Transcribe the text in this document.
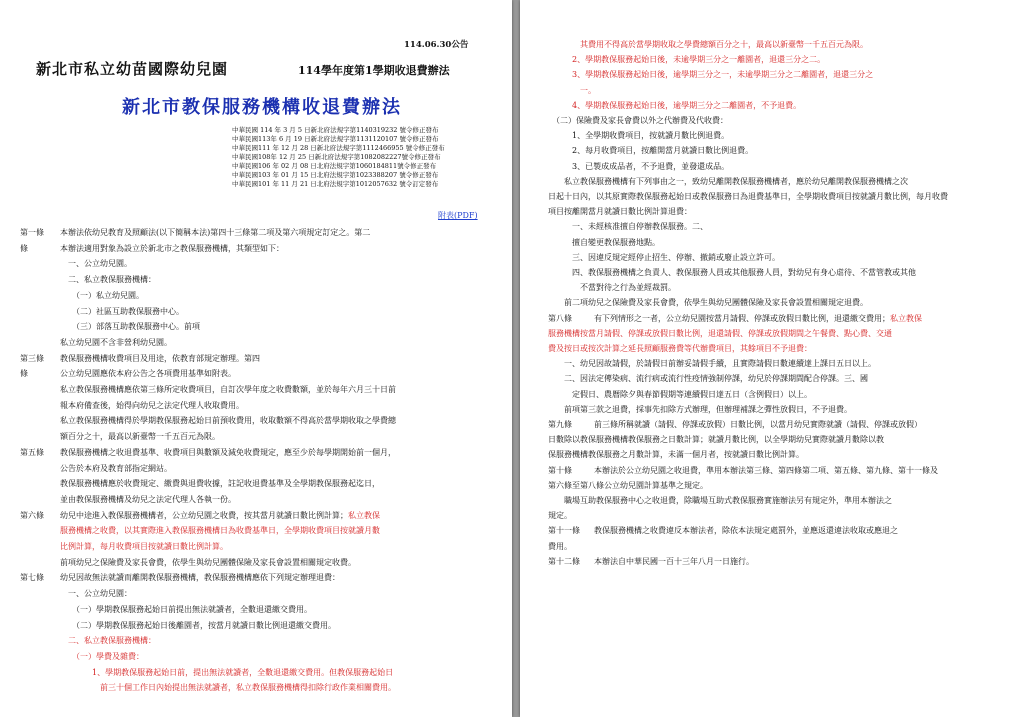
114.06.30公告
新北市私立幼苗國際幼兒園	114學年度第1學期收退費辦法
新北市教保服務機構收退費辦法
中華民國 114 年 3 月 5 日新北府法規字第1140319232 號令修正發布
中華民國113年 6 月 19 日新北府法規字第1131120107 號令修正發布
中華民國111 年 12 月 28 日新北府法規字第1112466955 號令修正發布
中華民國108年 12 月 25 日新北府法規字第1082082227號令修正發布
中華民國106 年 02 月 08 日北府法規字第1060184811號令修正發布
中華民國103 年 01 月 15 日北府法規字第1023388207 號令修正發布
中華民國101 年 11 月 21 日北府法規字第1012057632 號令訂定發布
附表(PDF)
第一條 本辦法依幼兒教育及照顧法(以下簡稱本法)第四十三條第二項及第六項規定訂定之。第二
條	本辦法適用對象為設立於新北市之教保服務機構，其類型如下：
　一、公立幼兒園。
　二、私立教保服務機構：
　　（一）私立幼兒園。
　　（二）社區互助教保服務中心。
　　（三）部落互助教保服務中心。前項
私立幼兒園不含非營利幼兒園。
第三條 教保服務機構收費項目及用途，依教育部規定辦理。第四
條	公立幼兒園應依本府公告之各項費用基準如附表。
私立教保服務機構應依第三條所定收費項目，自訂次學年度之收費數額，並於每年六月三十日前
報本府備查後，始得向幼兒之法定代理人收取費用。
私立教保服務機構得於學期教保服務起始日前預收費用，收取數額不得高於當學期收取之學費總
額百分之十，最高以新臺幣一千五百元為限。
第五條 教保服務機構之收退費基準、收費項目與數額及減免收費規定，應至少於每學期開始前一個月，
公告於本府及教育部指定網站。
教保服務機構應於收費規定、繳費與退費收據，註記收退費基準及全學期教保服務起迄日，
並由教保服務機構及幼兒之法定代理人各執一份。
第六條 幼兒中途進入教保服務機構者，公立幼兒園之收費，按其當月就讀日數比例計算；私立教保
服務機構之收費，以其實際進入教保服務機構日為收費基準日，全學期收費項目按就讀月數
比例計算，每月收費項目按就讀日數比例計算。
前項幼兒之保險費及家長會費，依學生與幼兒團體保險及家長會設置相關規定收費。
第七條 幼兒因故無法就讀而離開教保服務機構，教保服務機構應依下列規定辦理退費：
　一、公立幼兒園：
　　（一）學期教保服務起始日前提出無法就讀者，全數退還繳交費用。
　　（二）學期教保服務起始日後離園者，按當月就讀日數比例退還繳交費用。
　二、私立教保服務機構：
　　（一）學費及雜費：
　　　　1、學期教保服務起始日前，提出無法就讀者，全數退還繳交費用。但教保服務起始日
　　　　　前三十個工作日內始提出無法就讀者，私立教保服務機構得扣除行政作業相關費用。
　　　　其費用不得高於當學期收取之學費總額百分之十，最高以新臺幣一千五百元為限。
　　　2、學期教保服務起始日後，未逾學期三分之一離園者，退還三分之二。
　　　3、學期教保服務起始日後，逾學期三分之一，未逾學期三分之二離園者，退還三分之
　　　　一。
　　　4、學期教保服務起始日後，逾學期三分之二離園者，不予退費。
　（二）保險費及家長會費以外之代辦費及代收費：
　　　1、全學期收費項目，按就讀月數比例退費。
　　　2、每月收費項目，按離開當月就讀日數比例退費。
　　　3、已製成成品者，不予退費，並發還成品。
　　私立教保服務機構有下列事由之一，致幼兒離開教保服務機構者，應於幼兒離開教保服務機構之次
日起十日內，以其原實際教保服務起始日或教保服務日為退費基準日，全學期收費項目按就讀月數比例，每月收費
項目按離開當月就讀日數比例計算退費：
　　　一、未經核准擅自停辦教保服務。二、
　　　擅自變更教保服務地點。
　　　三、因違反規定經停止招生、停辦、撤銷或廢止設立許可。
　　　四、教保服務機構之負責人、教保服務人員或其他服務人員，對幼兒有身心虐待、不當管教或其他
　　　　不當對待之行為並經裁罰。
　　前二項幼兒之保險費及家長會費，依學生與幼兒團體保險及家長會設置相關規定退費。
第八條	有下列情形之一者，公立幼兒園按當月請假、停課或放假日數比例，退還繳交費用；私立教保
服務機構按當月請假、停課或放假日數比例，退還請假、停課或放假期間之午餐費、點心費、交通
費及按日或按次計算之延長照顧服務費等代辦費項目，其餘項目不予退費：
　　一、幼兒因故請假，於請假日前辦妥請假手續，且實際請假日數連續達上課日五日以上。
　　二、因法定傳染病、流行病或流行性疫情強制停課，幼兒於停課期間配合停課。三、國
　　　定假日、農曆除夕與春節假期等連續假日達五日（含例假日）以上。
　　前項第三款之退費，採事先扣除方式辦理，但辦理補課之彈性放假日，不予退費。
第九條	前三條所稱就讀（請假、停課或放假）日數比例，以當月幼兒實際就讀（請假、停課或放假）
日數除以教保服務機構教保服務之日數計算；就讀月數比例，以全學期幼兒實際就讀月數除以教
保服務機構教保服務之月數計算，未滿一個月者，按就讀日數比例計算。
第十條	本辦法於公立幼兒園之收退費，準用本辦法第三條、第四條第二項、第五條、第九條、第十一條及
第六條至第八條公立幼兒園計算基準之規定。
　　職場互助教保服務中心之收退費，除職場互助式教保服務實施辦法另有規定外，準用本辦法之
規定。
第十一條 教保服務機構之收費違反本辦法者，除依本法規定處罰外，並應返還違法收取或應退之
費用。
第十二條 本辦法自中華民國一百十三年八月一日施行。
